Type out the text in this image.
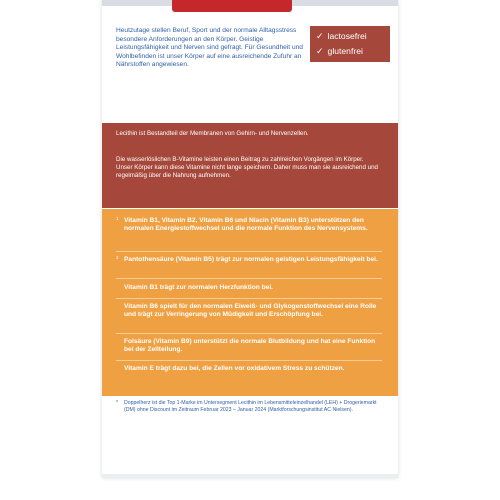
Heutzutage stellen Beruf, Sport und der normale Alltagsstress besondere Anforderungen an den Körper. Geistige Leistungsfähigkeit und Nerven sind gefragt. Für Gesundheit und Wohlbefinden ist unser Körper auf eine ausreichende Zufuhr an Nährstoffen angewiesen.
✓ lactosefrei
✓ glutenfrei
Lecithin ist Bestandteil der Membranen von Gehirn- und Nervenzellen.
Die wasserlöslichen B-Vitamine leisten einen Beitrag zu zahlreichen Vorgängen im Körper. Unser Körper kann diese Vitamine nicht lange speichern. Daher muss man sie ausreichend und regelmäßig über die Nahrung aufnehmen.
1 Vitamin B1, Vitamin B2, Vitamin B6 und Niacin (Vitamin B3) unterstützen den normalen Energiestoffwechsel und die normale Funktion des Nervensystems.
2 Pantothensäure (Vitamin B5) trägt zur normalen geistigen Leistungsfähigkeit bei.
Vitamin B1 trägt zur normalen Herzfunktion bei.
Vitamin B6 spielt für den normalen Eiweiß- und Glykogenstoffwechsel eine Rolle und trägt zur Verringerung von Müdigkeit und Erschöpfung bei.
Folsäure (Vitamin B9) unterstützt die normale Blutbildung und hat eine Funktion bei der Zellteilung.
Vitamin E trägt dazu bei, die Zellen vor oxidativem Stress zu schützen.
* Doppelherz ist die Top 1-Marke im Untersegment Lecithin im Lebensmitteleinzelhandel (LEH) + Drogeriemarkt (DM) ohne Discount im Zeitraum Februar 2023 – Januar 2024 (Marktforschungsinstitut AC Nielsen).
